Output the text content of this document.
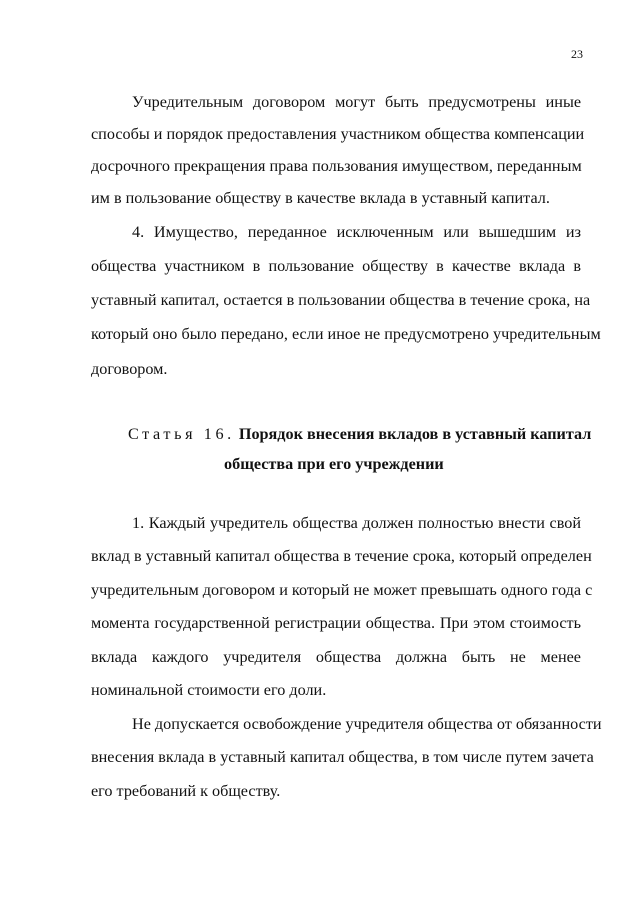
23
Учредительным договором могут быть предусмотрены иные
способы и порядок предоставления участником общества компенсации
досрочного прекращения права пользования имуществом, переданным
им в пользование обществу в качестве вклада в уставный капитал.
4. Имущество, переданное исключенным или вышедшим из
общества участником в пользование обществу в качестве вклада в
уставный капитал, остается в пользовании общества в течение срока, на
который оно было передано, если иное не предусмотрено учредительным
договором.
Статья 16. Порядок внесения вкладов в уставный капитал
общества при его учреждении
1. Каждый учредитель общества должен полностью внести свой
вклад в уставный капитал общества в течение срока, который определен
учредительным договором и который не может превышать одного года с
момента государственной регистрации общества. При этом стоимость
вклада каждого учредителя общества должна быть не менее
номинальной стоимости его доли.
Не допускается освобождение учредителя общества от обязанности
внесения вклада в уставный капитал общества, в том числе путем зачета
его требований к обществу.
